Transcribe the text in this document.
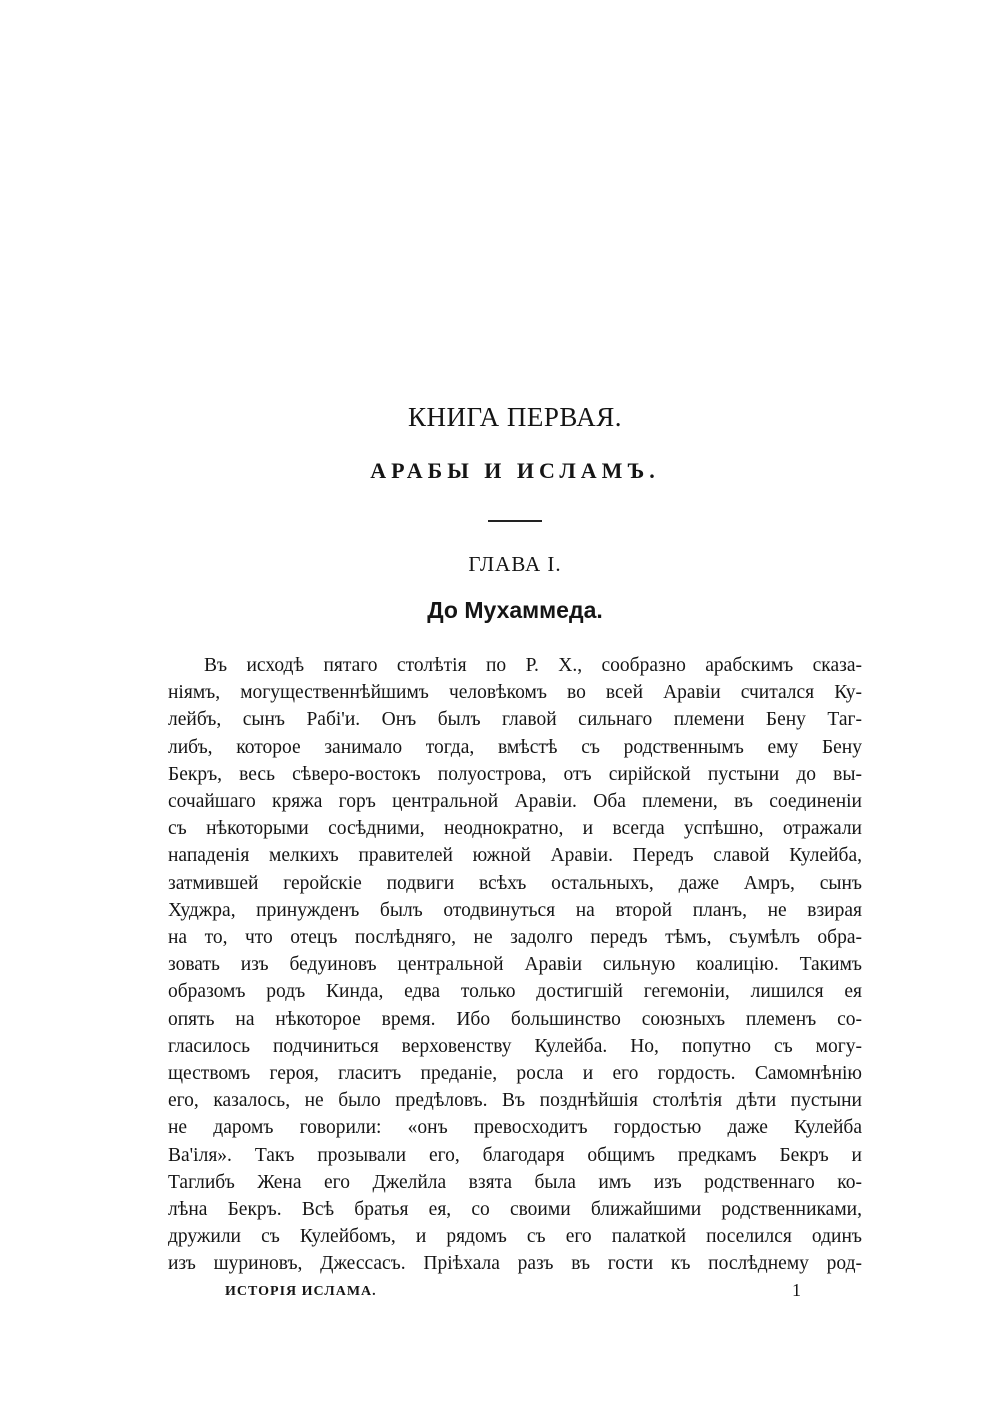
КНИГА ПЕРВАЯ.
АРАБЫ И ИСЛАМЪ.
ГЛАВА I.
До Мухаммеда.
Въ исходѣ пятаго столѣтія по Р. X., сообразно арабскимъ сказа-
ніямъ, могущественнѣйшимъ человѣкомъ во всей Аравіи считался Ку-
лейбъ, сынъ Рабі'и. Онъ былъ главой сильнаго племени Бену Таг-
либъ, которое занимало тогда, вмѣстѣ съ родственнымъ ему Бену
Бекръ, весь сѣверо-востокъ полуострова, отъ сирійской пустыни до вы-
сочайшаго кряжа горъ центральной Аравіи. Оба племени, въ соединеніи
съ нѣкоторыми сосѣдними, неоднократно, и всегда успѣшно, отражали
нападенія мелкихъ правителей южной Аравіи. Передъ славой Кулейба,
затмившей геройскіе подвиги всѣхъ остальныхъ, даже Амръ, сынъ
Худжра, принужденъ былъ отодвинуться на второй планъ, не взирая
на то, что отецъ послѣдняго, не задолго передъ тѣмъ, съумѣлъ обра-
зовать изъ бедуиновъ центральной Аравіи сильную коалицію. Такимъ
образомъ родъ Кинда, едва только достигшій гегемоніи, лишился ея
опять на нѣкоторое время. Ибо большинство союзныхъ племенъ со-
гласилось подчиниться верховенству Кулейба. Но, попутно съ могу-
ществомъ героя, гласитъ преданіе, росла и его гордость. Самомнѣнію
его, казалось, не было предѣловъ. Въ позднѣйшія столѣтія дѣти пустыни
не даромъ говорили: «онъ превосходитъ гордостью даже Кулейба
Ва'іля». Такъ прозывали его, благодаря общимъ предкамъ Бекръ и
Таглибъ Жена его Джелйла взята была имъ изъ родственнаго ко-
лѣна Бекръ. Всѣ братья ея, со своими ближайшими родственниками,
дружили съ Кулейбомъ, и рядомъ съ его палаткой поселился одинъ
изъ шуриновъ, Джессасъ. Пріѣхала разъ въ гости къ послѣднему род-
ИСТОРІЯ ИСЛАМА.	1
